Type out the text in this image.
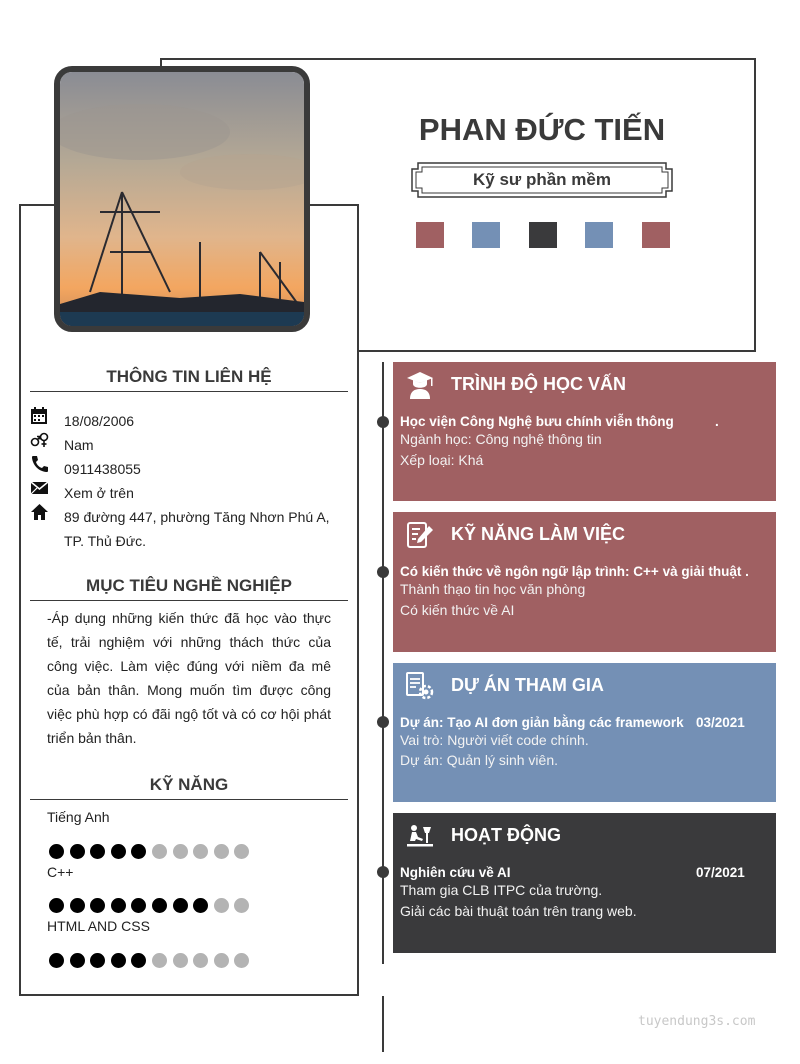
PHAN ĐỨC TIẾN
Kỹ sư phần mềm
THÔNG TIN LIÊN HỆ
18/08/2006
Nam
0911438055
Xem ở trên
89 đường 447, phường Tăng Nhơn Phú A, TP. Thủ Đức.
MỤC TIÊU NGHỀ NGHIỆP
-Áp dụng những kiến thức đã học vào thực tế, trải nghiệm với những thách thức của công việc. Làm việc đúng với niềm đa mê của bản thân. Mong muốn tìm được công việc phù hợp có đãi ngộ tốt và có cơ hội phát triển bản thân.
KỸ NĂNG
Tiếng Anh
C++
HTML AND CSS
TRÌNH ĐỘ HỌC VẤN
Học viện Công Nghệ bưu chính viễn thông	.
Ngành học: Công nghệ thông tin
Xếp loại: Khá
KỸ NĂNG LÀM VIỆC
Có kiến thức về ngôn ngữ lập trình: C++ và giải thuật .
Thành thạo tin học văn phòng
Có kiến thức về AI
DỰ ÁN THAM GIA
Dự án: Tạo AI đơn giản bằng các framework 03/2021
Vai trò: Người viết code chính.
Dự án: Quản lý sinh viên.
HOẠT ĐỘNG
Nghiên cứu về AI	07/2021
Tham gia CLB ITPC của trường.
Giải các bài thuật toán trên trang web.
tuyendung3s.com
